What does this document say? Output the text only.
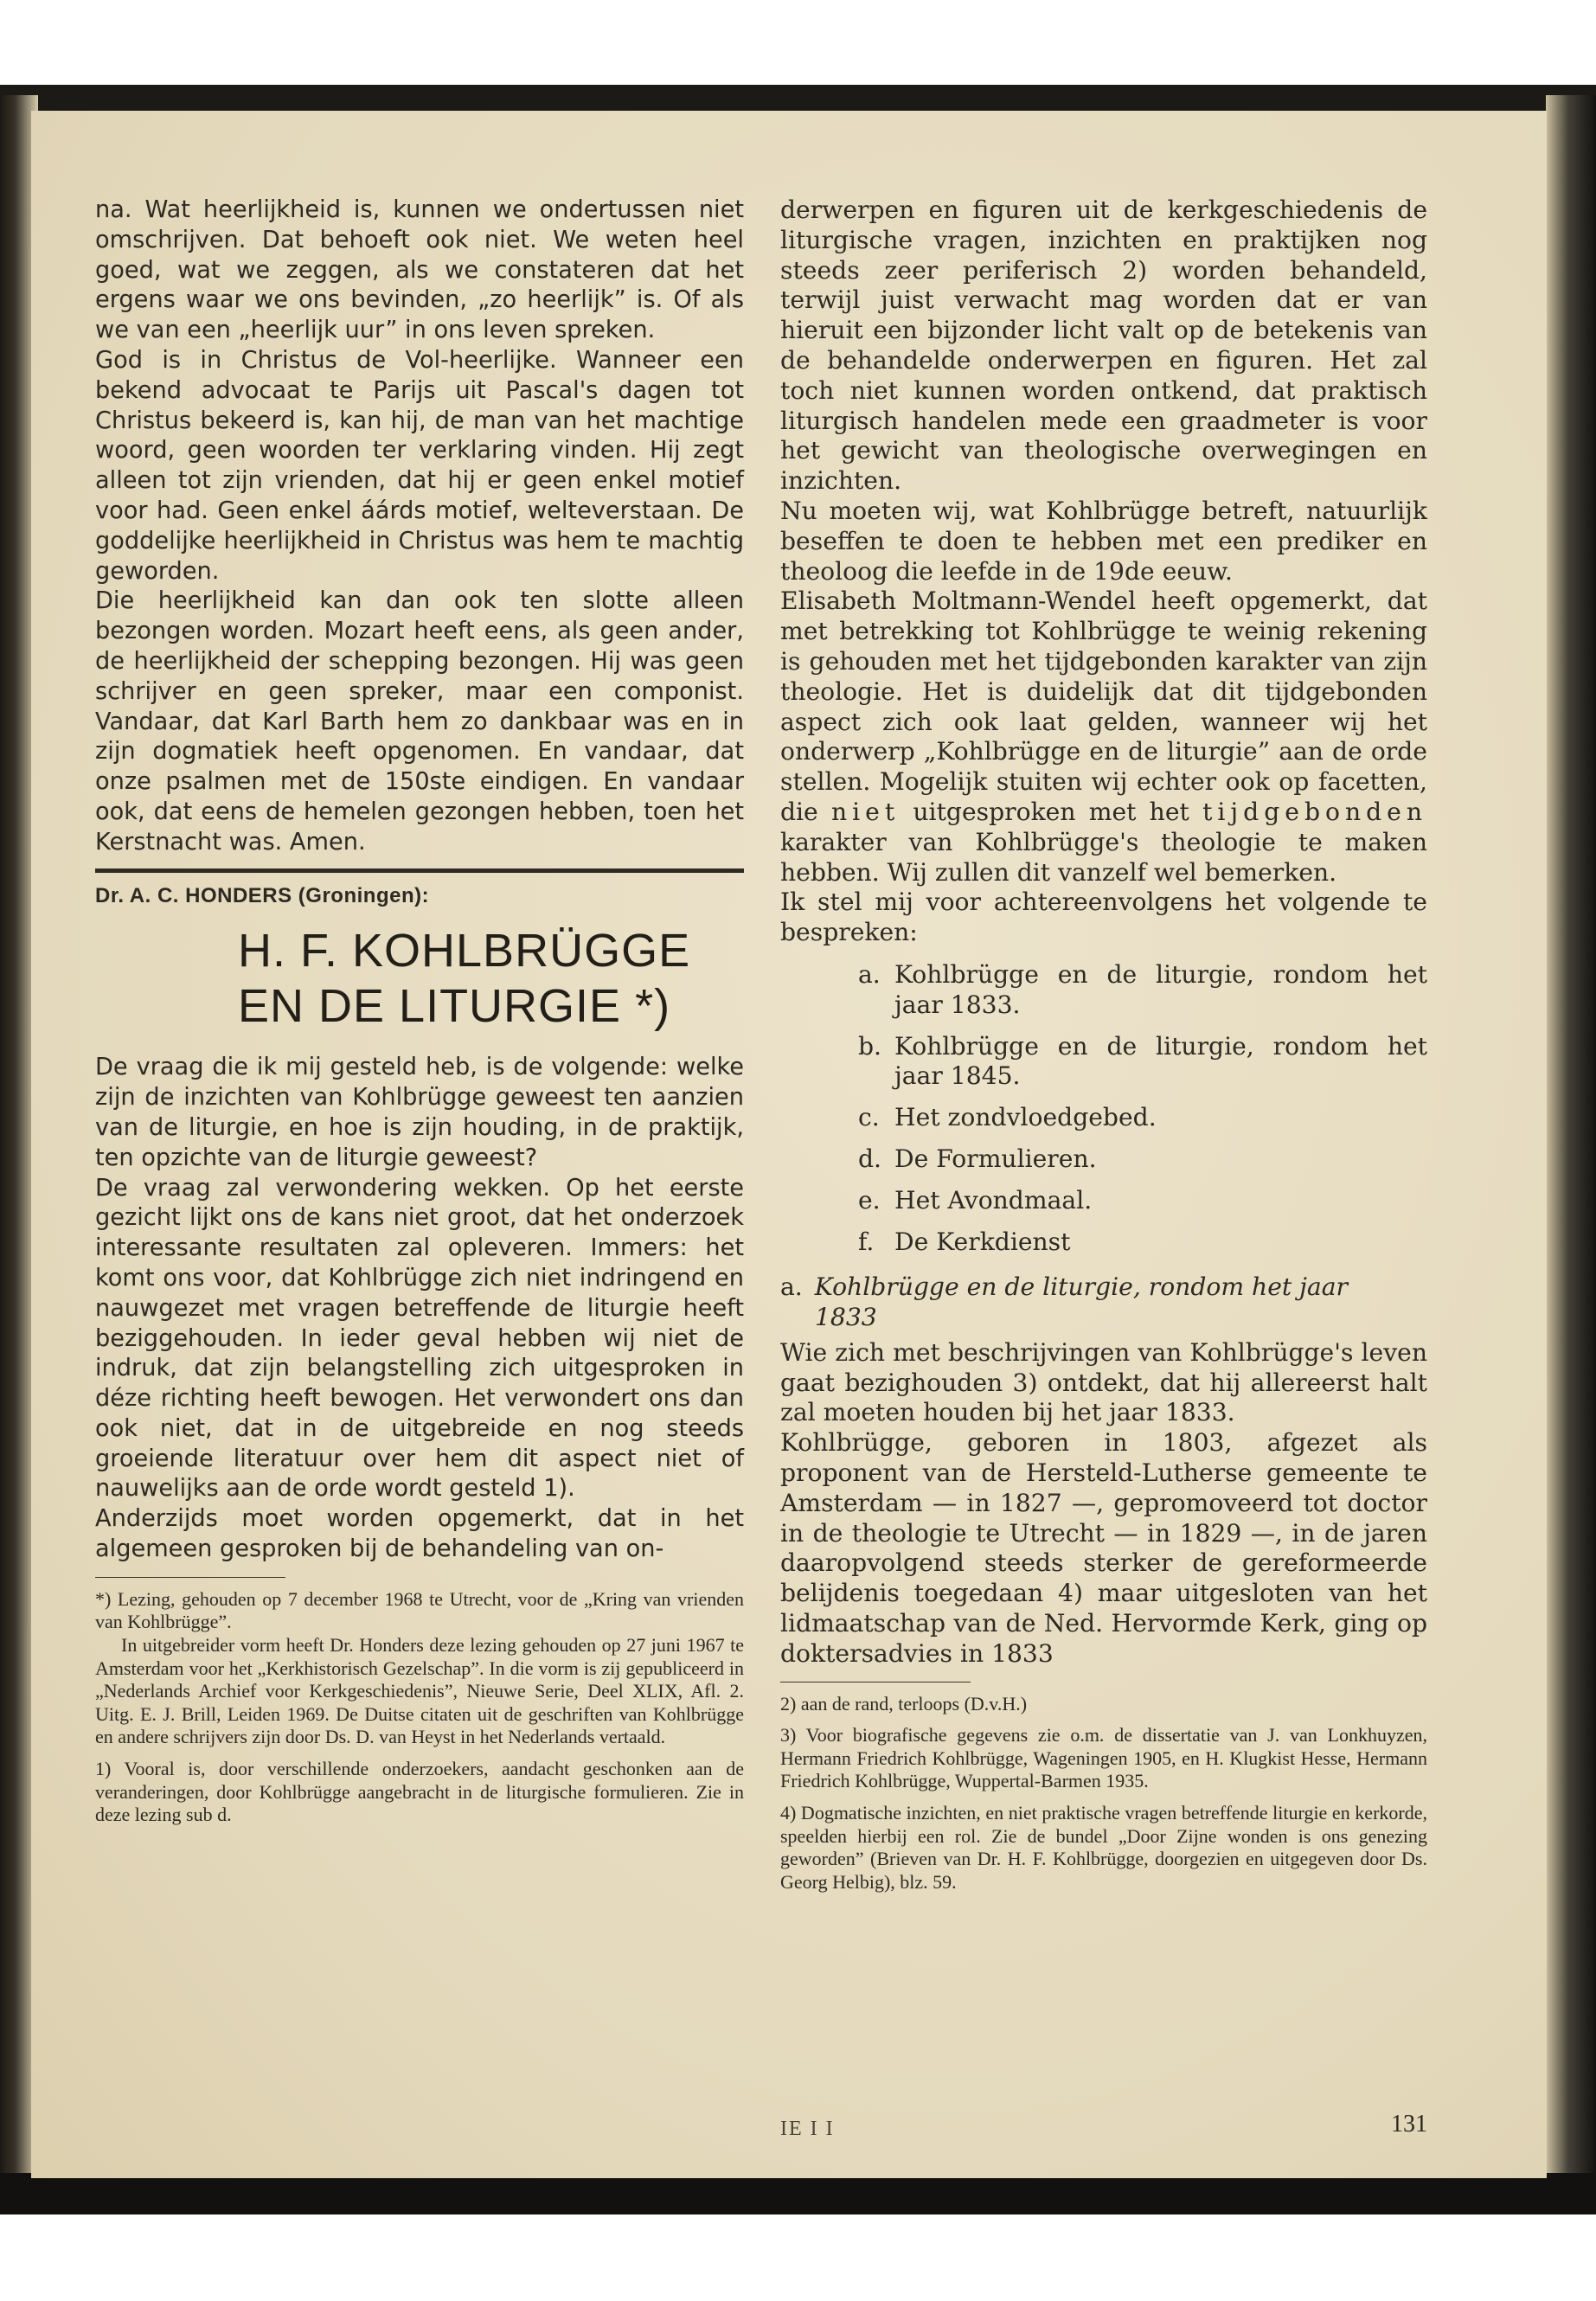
na. Wat heerlijkheid is, kunnen we ondertussen niet omschrijven. Dat behoeft ook niet. We weten heel goed, wat we zeggen, als we constateren dat het ergens waar we ons bevinden, „zo heerlijk” is. Of als we van een „heerlijk uur” in ons leven spreken.

God is in Christus de Vol-heerlijke. Wanneer een bekend advocaat te Parijs uit Pascal's dagen tot Christus bekeerd is, kan hij, de man van het machtige woord, geen woorden ter verklaring vinden. Hij zegt alleen tot zijn vrienden, dat hij er geen enkel motief voor had. Geen enkel áárds motief, welteverstaan. De goddelijke heerlijkheid in Christus was hem te machtig geworden.

Die heerlijkheid kan dan ook ten slotte alleen bezongen worden. Mozart heeft eens, als geen ander, de heerlijkheid der schepping bezongen. Hij was geen schrijver en geen spreker, maar een componist. Vandaar, dat Karl Barth hem zo dankbaar was en in zijn dogmatiek heeft opgenomen. En vandaar, dat onze psalmen met de 150ste eindigen. En vandaar ook, dat eens de hemelen gezongen hebben, toen het Kerstnacht was. Amen.

Dr. A. C. HONDERS (Groningen):
H. F. KOHLBRÜGGE
EN DE LITURGIE *)

De vraag die ik mij gesteld heb, is de volgende: welke zijn de inzichten van Kohlbrügge geweest ten aanzien van de liturgie, en hoe is zijn houding, in de praktijk, ten opzichte van de liturgie geweest?

De vraag zal verwondering wekken. Op het eerste gezicht lijkt ons de kans niet groot, dat het onderzoek interessante resultaten zal opleveren. Immers: het komt ons voor, dat Kohlbrügge zich niet indringend en nauwgezet met vragen betreffende de liturgie heeft beziggehouden. In ieder geval hebben wij niet de indruk, dat zijn belangstelling zich uitgesproken in déze richting heeft bewogen. Het verwondert ons dan ook niet, dat in de uitgebreide en nog steeds groeiende literatuur over hem dit aspect niet of nauwelijks aan de orde wordt gesteld 1).

Anderzijds moet worden opgemerkt, dat in het algemeen gesproken bij de behandeling van on-

*) Lezing, gehouden op 7 december 1968 te Utrecht, voor de „Kring van vrienden van Kohlbrügge”.
In uitgebreider vorm heeft Dr. Honders deze lezing gehouden op 27 juni 1967 te Amsterdam voor het „Kerkhistorisch Gezelschap”. In die vorm is zij gepubliceerd in „Nederlands Archief voor Kerkgeschiedenis”, Nieuwe Serie, Deel XLIX, Afl. 2. Uitg. E. J. Brill, Leiden 1969. De Duitse citaten uit de geschriften van Kohlbrügge en andere schrijvers zijn door Ds. D. van Heyst in het Nederlands vertaald.
1) Vooral is, door verschillende onderzoekers, aandacht geschonken aan de veranderingen, door Kohlbrügge aangebracht in de liturgische formulieren. Zie in deze lezing sub d.

derwerpen en figuren uit de kerkgeschiedenis de liturgische vragen, inzichten en praktijken nog steeds zeer periferisch 2) worden behandeld, terwijl juist verwacht mag worden dat er van hieruit een bijzonder licht valt op de betekenis van de behandelde onderwerpen en figuren. Het zal toch niet kunnen worden ontkend, dat praktisch liturgisch handelen mede een graadmeter is voor het gewicht van theologische overwegingen en inzichten.

Nu moeten wij, wat Kohlbrügge betreft, natuurlijk beseffen te doen te hebben met een prediker en theoloog die leefde in de 19de eeuw.

Elisabeth Moltmann-Wendel heeft opgemerkt, dat met betrekking tot Kohlbrügge te weinig rekening is gehouden met het tijdgebonden karakter van zijn theologie. Het is duidelijk dat dit tijdgebonden aspect zich ook laat gelden, wanneer wij het onderwerp „Kohlbrügge en de liturgie” aan de orde stellen. Mogelijk stuiten wij echter ook op facetten, die niet uitgesproken met het tijdgebonden karakter van Kohlbrügge's theologie te maken hebben. Wij zullen dit vanzelf wel bemerken.

Ik stel mij voor achtereenvolgens het volgende te bespreken:

a. Kohlbrügge en de liturgie, rondom het jaar 1833.
b. Kohlbrügge en de liturgie, rondom het jaar 1845.
c. Het zondvloedgebed.
d. De Formulieren.
e. Het Avondmaal.
f. De Kerkdienst
a. Kohlbrügge en de liturgie, rondom het jaar
1833

Wie zich met beschrijvingen van Kohlbrügge's leven gaat bezighouden 3) ontdekt, dat hij allereerst halt zal moeten houden bij het jaar 1833.

Kohlbrügge, geboren in 1803, afgezet als proponent van de Hersteld-Lutherse gemeente te Amsterdam — in 1827 —, gepromoveerd tot doctor in de theologie te Utrecht — in 1829 —, in de jaren daaropvolgend steeds sterker de gereformeerde belijdenis toegedaan 4) maar uitgesloten van het lidmaatschap van de Ned. Hervormde Kerk, ging op doktersadvies in 1833

2) aan de rand, terloops (D.v.H.)
3) Voor biografische gegevens zie o.m. de dissertatie van J. van Lonkhuyzen, Hermann Friedrich Kohlbrügge, Wageningen 1905, en H. Klugkist Hesse, Hermann Friedrich Kohlbrügge, Wuppertal-Barmen 1935.
4) Dogmatische inzichten, en niet praktische vragen betreffende liturgie en kerkorde, speelden hierbij een rol. Zie de bundel „Door Zijne wonden is ons genezing geworden” (Brieven van Dr. H. F. Kohlbrügge, doorgezien en uitgegeven door Ds. Georg Helbig), blz. 59.
IE I I	131
